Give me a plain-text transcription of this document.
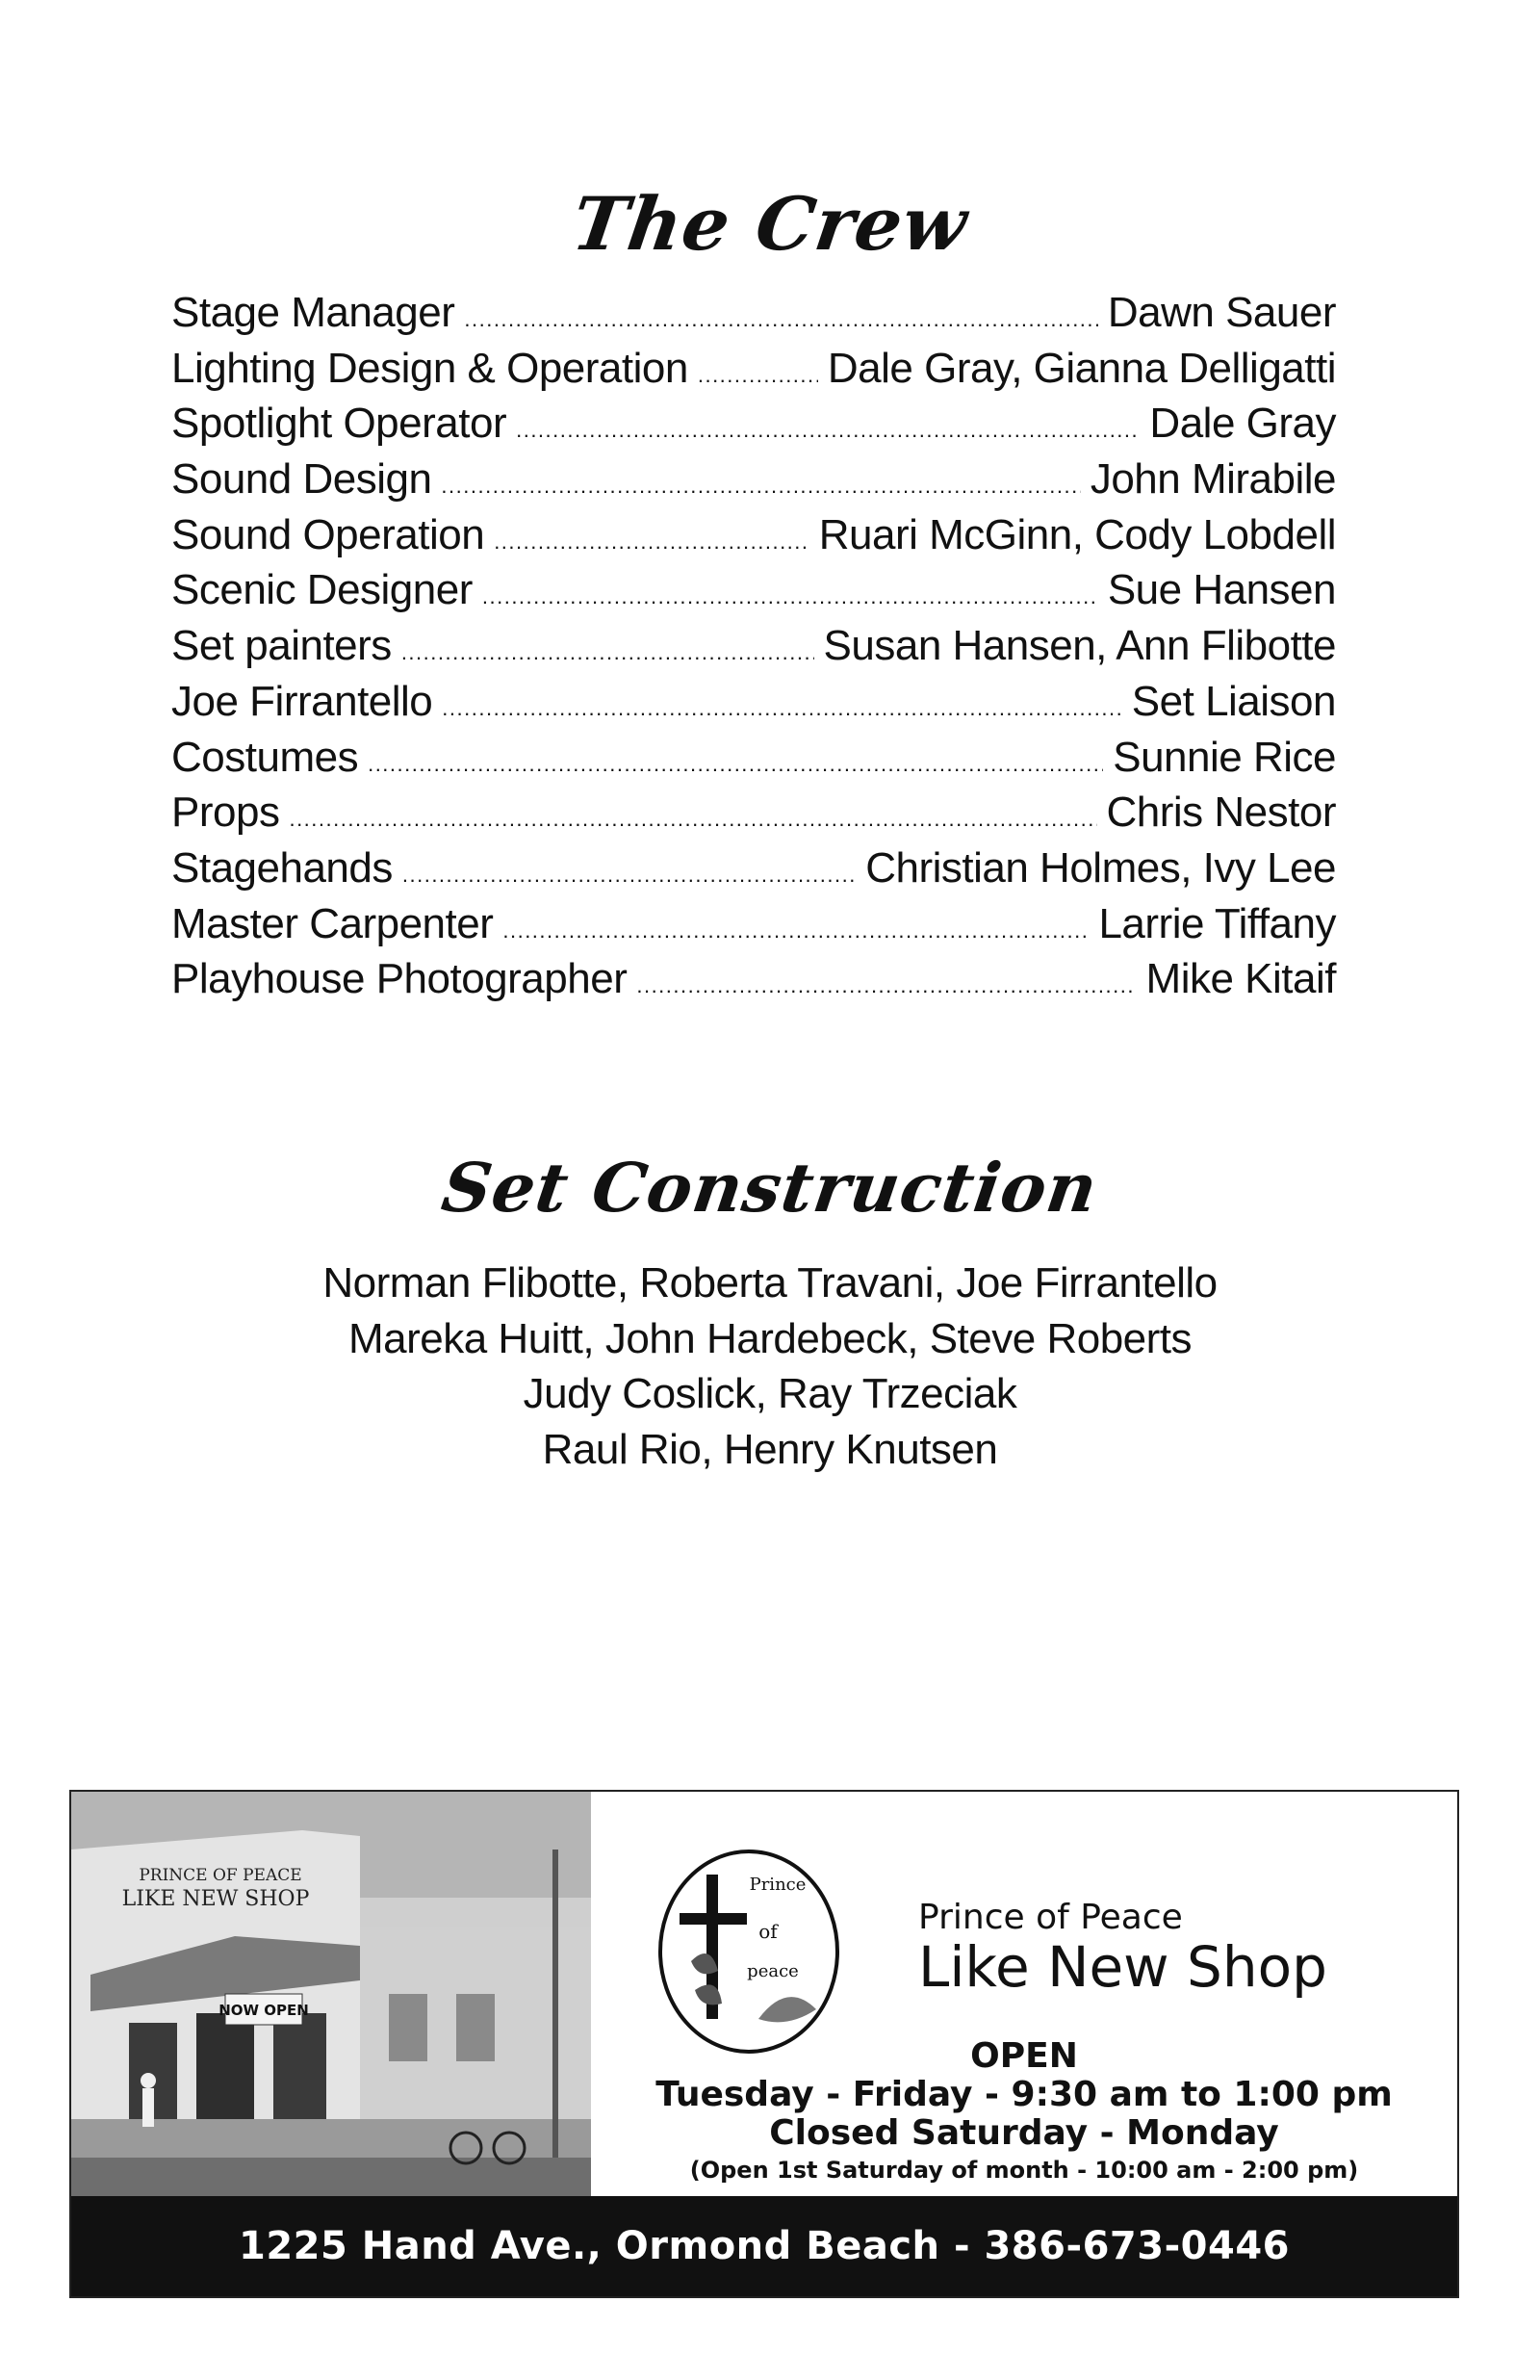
The Crew
Stage Manager .....	Dawn Sauer
Lighting Design & Operation .....	Dale Gray, Gianna Delligatti
Spotlight Operator .....	Dale Gray
Sound Design .....	John Mirabile
Sound Operation .....	Ruari McGinn, Cody Lobdell
Scenic Designer .....	Sue Hansen
Set painters .....	Susan Hansen, Ann Flibotte
Joe Firrantello .....	Set Liaison
Costumes .....	Sunnie Rice
Props .....	Chris Nestor
Stagehands .....	Christian Holmes, Ivy Lee
Master Carpenter .....	Larrie Tiffany
Playhouse Photographer .....	Mike Kitaif
Set Construction
Norman Flibotte, Roberta Travani, Joe Firrantello
Mareka Huitt, John Hardebeck, Steve Roberts
Judy Coslick, Ray Trzeciak
Raul Rio, Henry Knutsen
NOW OPEN
PRINCE OF PEACE
LIKE NEW SHOP
Prince
of
peace
Prince of Peace
Like New Shop
OPEN
Tuesday - Friday - 9:30 am to 1:00 pm
Closed Saturday - Monday
(Open 1st Saturday of month - 10:00 am - 2:00 pm)
1225 Hand Ave., Ormond Beach - 386-673-0446
